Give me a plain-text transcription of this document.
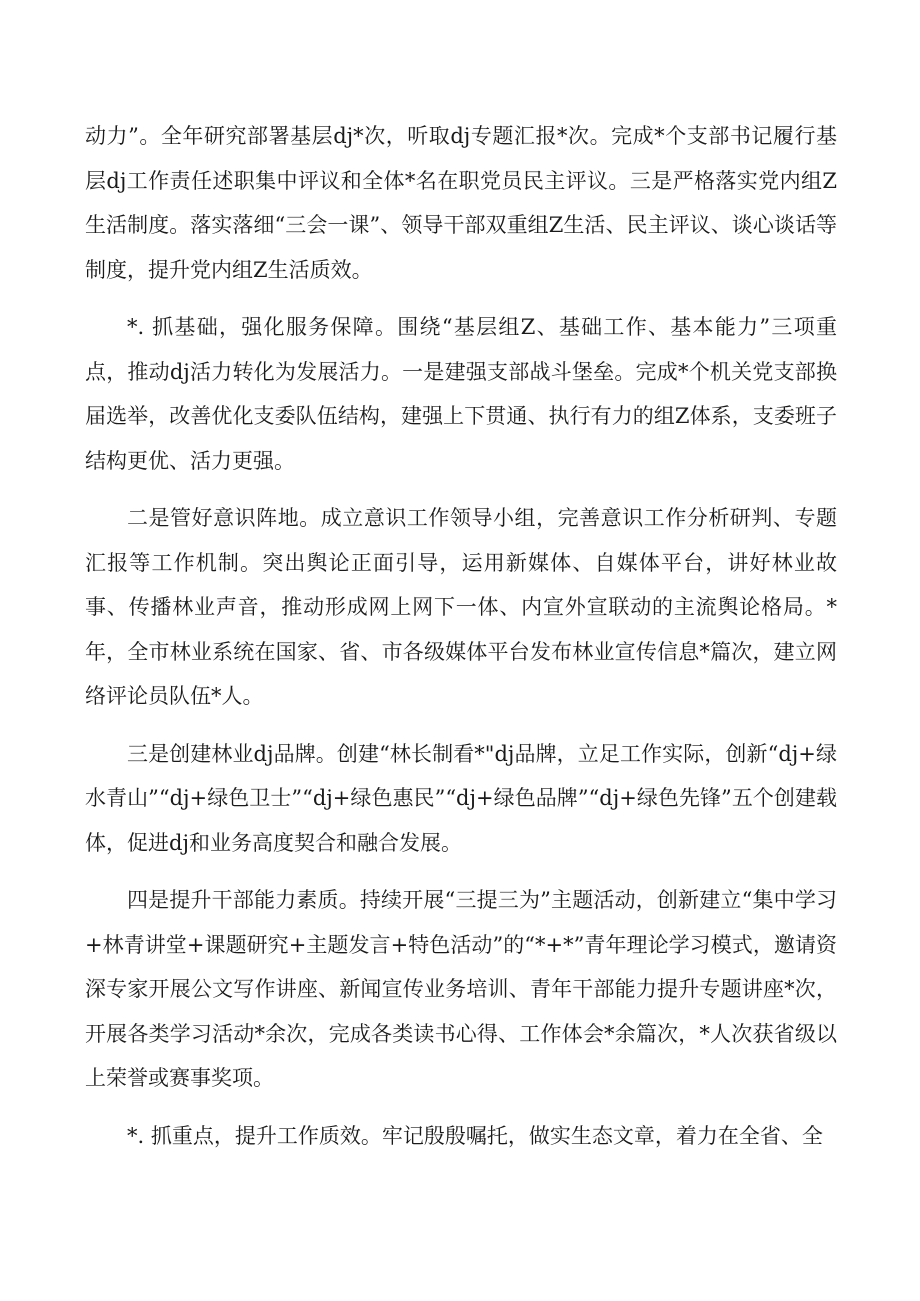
动力”。全年研究部署基层dj*次，听取dj专题汇报*次。完成*个支部书记履行基层dj工作责任述职集中评议和全体*名在职党员民主评议。三是严格落实党内组Z生活制度。落实落细“三会一课”、领导干部双重组Z生活、民主评议、谈心谈话等制度，提升党内组Z生活质效。

*. 抓基础，强化服务保障。围绕“基层组Z、基础工作、基本能力”三项重点，推动dj活力转化为发展活力。一是建强支部战斗堡垒。完成*个机关党支部换届选举，改善优化支委队伍结构，建强上下贯通、执行有力的组Z体系，支委班子结构更优、活力更强。

二是管好意识阵地。成立意识工作领导小组，完善意识工作分析研判、专题汇报等工作机制。突出舆论正面引导，运用新媒体、自媒体平台，讲好林业故事、传播林业声音，推动形成网上网下一体、内宣外宣联动的主流舆论格局。*年，全市林业系统在国家、省、市各级媒体平台发布林业宣传信息*篇次，建立网络评论员队伍*人。

三是创建林业dj品牌。创建“林长制看*"dj品牌，立足工作实际，创新“dj+绿水青山”“dj+绿色卫士”“dj+绿色惠民”“dj+绿色品牌”“dj+绿色先锋”五个创建载体，促进dj和业务高度契合和融合发展。

四是提升干部能力素质。持续开展“三提三为”主题活动，创新建立“集中学习+林青讲堂+课题研究+主题发言+特色活动”的“*+*”青年理论学习模式，邀请资深专家开展公文写作讲座、新闻宣传业务培训、青年干部能力提升专题讲座*次，开展各类学习活动*余次，完成各类读书心得、工作体会*余篇次，*人次获省级以上荣誉或赛事奖项。

*. 抓重点，提升工作质效。牢记殷殷嘱托，做实生态文章，着力在全省、全
